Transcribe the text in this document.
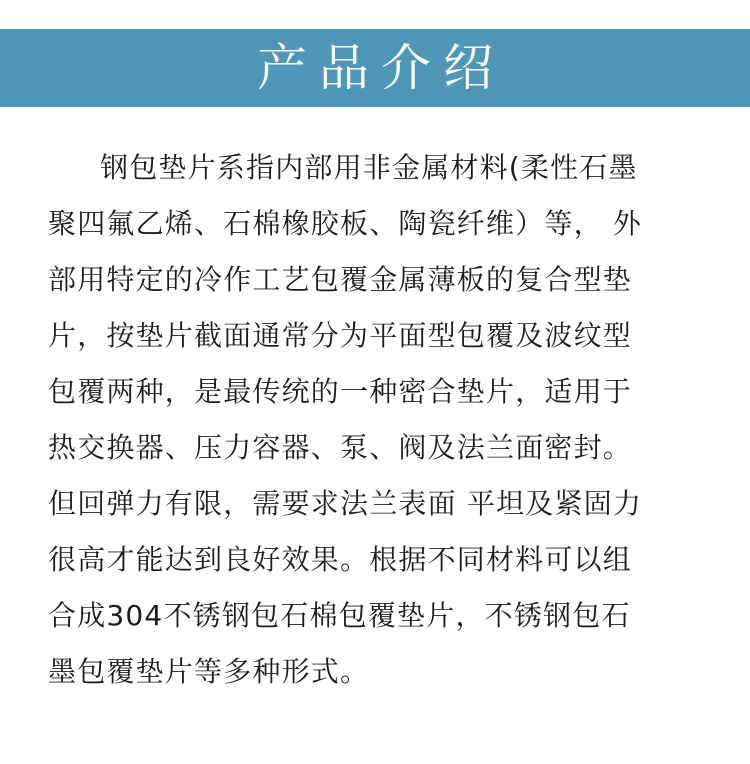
产品介绍
钢包垫片系指内部用非金属材料(柔性石墨
聚四氟乙烯、石棉橡胶板、陶瓷纤维）等， 外
部用特定的冷作工艺包覆金属薄板的复合型垫
片，按垫片截面通常分为平面型包覆及波纹型
包覆两种，是最传统的一种密合垫片，适用于
热交换器、压力容器、泵、阀及法兰面密封。
但回弹力有限，需要求法兰表面 平坦及紧固力
很高才能达到良好效果。根据不同材料可以组
合成304不锈钢包石棉包覆垫片，不锈钢包石
墨包覆垫片等多种形式。
